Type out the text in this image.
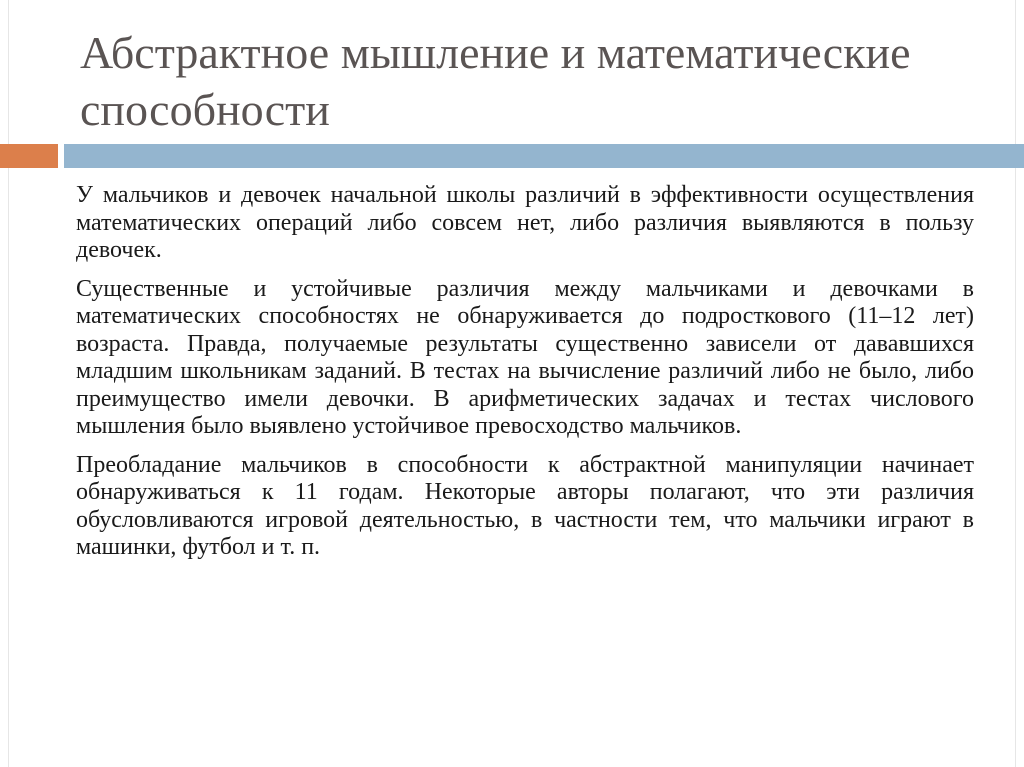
Абстрактное мышление и математические способности

У мальчиков и девочек начальной школы различий в эффективности осуществления математических операций либо совсем нет, либо различия выявляются в пользу девочек.

Существенные и устойчивые различия между мальчиками и девочками в математических способностях не обнаруживается до подросткового (11–12 лет) возраста. Правда, получаемые результаты существенно зависели от дававшихся младшим школьникам заданий. В тестах на вычисление различий либо не было, либо преимущество имели девочки. В арифметических задачах и тестах числового мышления было выявлено устойчивое превосходство мальчиков.

Преобладание мальчиков в способности к абстрактной манипуляции начинает обнаруживаться к 11 годам. Некоторые авторы полагают, что эти различия обусловливаются игровой деятельностью, в частности тем, что мальчики играют в машинки, футбол и т. п.
